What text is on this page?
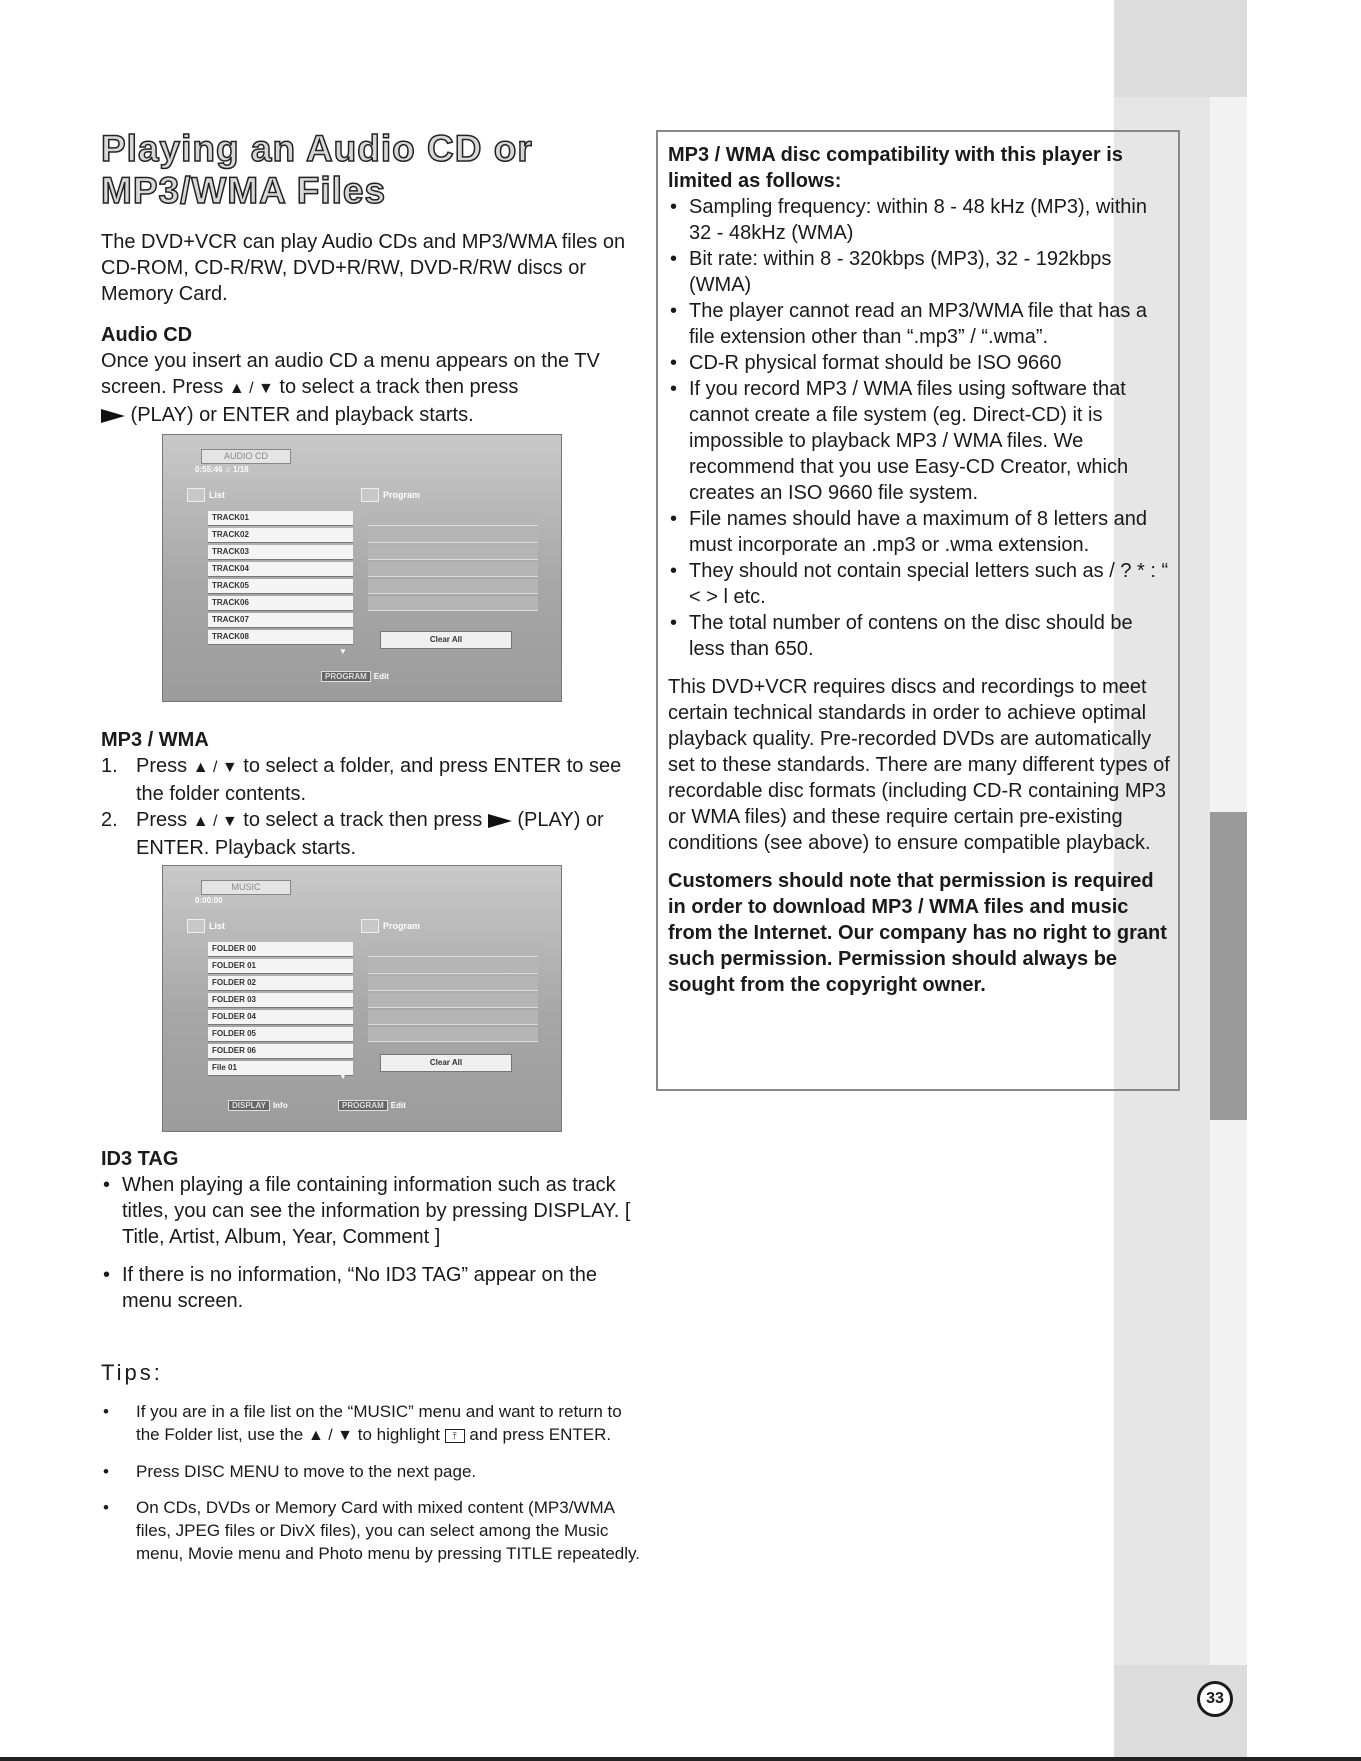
Operation
33
Playing an Audio CD or MP3/WMA Files
The DVD+VCR can play Audio CDs and MP3/WMA files on CD-ROM, CD-R/RW, DVD+R/RW, DVD-R/RW discs or Memory Card.
Audio CD
Once you insert an audio CD a menu appears on the TV screen. Press ▲ / ▼ to select a track then press
(PLAY) or ENTER and playback starts.
AUDIO CD
0:55:46 ♫ 1/18
List	Program
TRACK01
TRACK02
TRACK03
TRACK04
TRACK05
TRACK06
TRACK07
TRACK08	Clear All
▼
PROGRAM Edit
MP3 / WMA
1. Press ▲ / ▼ to select a folder, and press ENTER to see the folder contents.
2. Press ▲ / ▼ to select a track then press  (PLAY) or ENTER. Playback starts.
MUSIC
0:00:00
List	Program
FOLDER 00
FOLDER 01
FOLDER 02
FOLDER 03
FOLDER 04
FOLDER 05
FOLDER 06
File 01
Clear All
▼
DISPLAY Info	PROGRAM Edit
ID3 TAG
• When playing a file containing information such as track titles, you can see the information by pressing DISPLAY. [ Title, Artist, Album, Year, Comment ]
• If there is no information, “No ID3 TAG” appear on the menu screen.
Tips:
• If you are in a file list on the “MUSIC” menu and want to return to the Folder list, use the ▲ / ▼ to highlight ⤒ and press ENTER.
• Press DISC MENU to move to the next page.
• On CDs, DVDs or Memory Card with mixed content (MP3/WMA files, JPEG files or DivX files), you can select among the Music menu, Movie menu and Photo menu by pressing TITLE repeatedly.
MP3 / WMA disc compatibility with this player is limited as follows:
• Sampling frequency: within 8 - 48 kHz (MP3), within 32 - 48kHz (WMA)
• Bit rate: within 8 - 320kbps (MP3), 32 - 192kbps (WMA)
• The player cannot read an MP3/WMA file that has a file extension other than “.mp3” / “.wma”.
• CD-R physical format should be ISO 9660
• If you record MP3 / WMA files using software that cannot create a file system (eg. Direct-CD) it is impossible to playback MP3 / WMA files. We recommend that you use Easy-CD Creator, which creates an ISO 9660 file system.
• File names should have a maximum of 8 letters and must incorporate an .mp3 or .wma extension.
• They should not contain special letters such as / ? * : “ < > l etc.
• The total number of contens on the disc should be less than 650.
This DVD+VCR requires discs and recordings to meet certain technical standards in order to achieve optimal playback quality. Pre-recorded DVDs are automatically set to these standards. There are many different types of recordable disc formats (including CD-R containing MP3 or WMA files) and these require certain pre-existing conditions (see above) to ensure compatible playback.
Customers should note that permission is required in order to download MP3 / WMA files and music from the Internet. Our company has no right to grant such permission. Permission should always be sought from the copyright owner.
